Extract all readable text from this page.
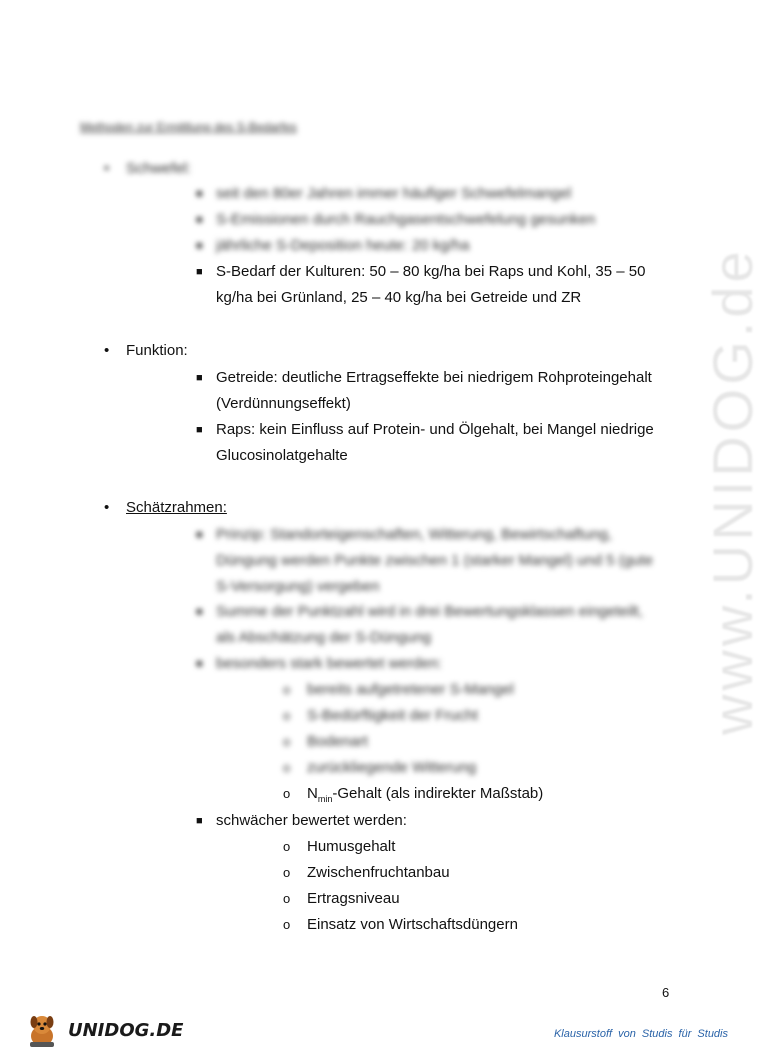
www.UNIDOG.de
Methoden zur Ermittlung des S-Bedarfes
• Schwefel:
■ seit den 80er Jahren immer häufiger Schwefelmangel
■ S-Emissionen durch Rauchgasentschwefelung gesunken
■ jährliche S-Deposition heute: 20 kg/ha
■ S-Bedarf der Kulturen: 50 – 80 kg/ha bei Raps und Kohl, 35 – 50 kg/ha bei Grünland, 25 – 40 kg/ha bei Getreide und ZR
• Funktion:
■ Getreide: deutliche Ertragseffekte bei niedrigem Rohproteingehalt (Verdünnungseffekt)
■ Raps: kein Einfluss auf Protein- und Ölgehalt, bei Mangel niedrige Glucosinolatgehalte
• Schätzrahmen:
■ Prinzip: Standorteigenschaften, Witterung, Bewirtschaftung, Düngung werden Punkte zwischen 1 (starker Mangel) und 5 (gute S-Versorgung) vergeben
■ Summe der Punktzahl wird in drei Bewertungsklassen eingeteilt, als Abschätzung der S-Düngung
■ besonders stark bewertet werden:
o bereits aufgetretener S-Mangel
o S-Bedürftigkeit der Frucht
o Bodenart
o zurückliegende Witterung
o $N_{min}$-Gehalt (als indirekter Maßstab)
■ schwächer bewertet werden:
o Humusgehalt
o Zwischenfruchtanbau
o Ertragsniveau
o Einsatz von Wirtschaftsdüngern
6
UNIDOG.DE	Klausurstoff von Studis für Studis
